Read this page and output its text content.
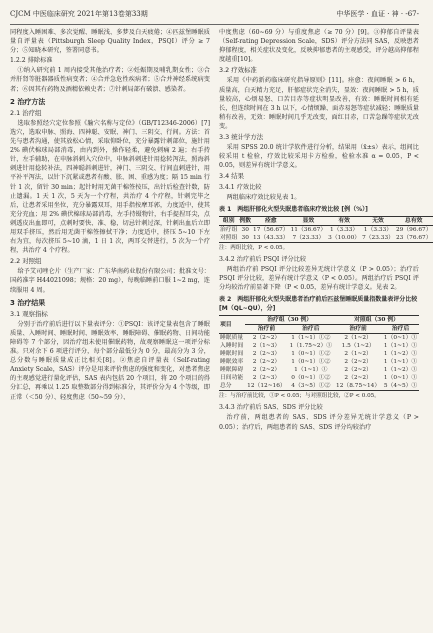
CJCM 中医临床研究 2021年第13卷第33期	中华医学 · 血证 · 神 · -67-

同程度入睡困难、多次觉醒、睡眠浅、多梦及白天疲倦；④匹兹堡睡眠质量自评量表（Pittsburgh Sleep Quality Index，PSQI）评分 ≥ 7 分；⑤知晓本研究，签署同意书。

1.2.2 排除标准

①纳入研究前 1 周内接受其他治疗者；②妊娠期及哺乳期女性；③合并肝肾等脏器器质性病变者；④合并急危性疾病者；⑤合并神经系统病变者；⑥因其有药物及酒精依赖史者；⑦针刺局部有破溃、感染者。

2 治疗方法
2.1 治疗组

选取参照经穴定位参照《腧穴名称与定位》（GB/T12346-2006）[7]选穴，选取申脉、照海、四神聪、安眠、神门、三阴交、行间。方法：首先与患者沟通，使其放松心情，采取仰卧位，充分暴露针刺部位，施针用 2% 碘伏棉球局部消毒，由内到外，操作轻柔，避免刺痛 2 遍；右手持针，左手辅助，在申脉斜刺入穴位中，申脉斜刺进针用捻转泻法，照海斜刺进针用捻转补法，四神聪斜刺进针，神门、三阴交、行间直刺进针，用平补平泻法，以针下沉紧或患者有酸、胀、困、重感为度；隔 15 min 行针 1 次，留针 30 min；起针时用无菌干棉签按压，出针后检查针数，防止遗漏。1 天 1 次，5 天为一个疗程，共治疗 4 个疗程，针刺完毕之后，让患者采用坐位，充分暴露双耳，用手指按摩耳郭，力度适中，使其充分充血；用 2% 碘伏棉球局部消毒，左手持镊物针，右手提捏耳尖，点刺透皮出血即可，点刺时要快、准、稳，切忌针刺过深，针刺出血后立即用双手挤压，然后用无菌干棉签擦拭干净；力度适中，挤压 5~10 下左右为宜，每次挤压 5~10 滴，1 日 1 次，两耳交替进行，5 次为一个疗程，共治疗 4 个疗程。

2.2 对照组

给予艾司唑仑片（生产厂家：广东华南药业股份有限公司；批准文号：国药准字 H44021098；规格：20 mg），每晚临睡前口服 1~2 mg，连续服用 4 周。

3 治疗结果
3.1 观察指标

分别于治疗前后进行以下量表评分：①PSQI：该评定量表包含了睡眠质量、入睡时间、睡眠时间、睡眠效率、睡眠障碍、催眠药物、日间功能障碍等 7 个部分，因治疗组未使用催眠药物，故观察睡眠这一项评分标准。只对余下 6 项进行评分，每个部分最低分为 0 分，最高分为 3 分，总分数与睡眠质量成正比相关[8]。②焦虑自评量表（Self-rating Anxiety Scale，SAS）评分是用来评价焦虑的强度和变化，对患者焦虑的主观感觉进行量化评估，SAS 表内包括 20 个项目，将 20 个项目的得分汇总，再乘以 1.25 取整数部分得到标准分，其评价分为 4 个等级，即正常（＜50 分）、轻度焦虑（50~59 分）、

中度焦虑（60~69 分）与重度焦虑（≥ 70 分）[9]。③抑郁自评量表（Self-rating Depression Scale，SDS）评分方法同 SAS，反映患者抑郁程度，相关症状及变化，反映抑郁患者的主观感受，评分越高抑郁程度越重[10]。

3.2 疗效标准

采用《中药新药临床研究指导原则》[11]。痊愈：夜间睡眠 > 6 h，质量高，白天精力充足，肝郁症状完全消失，显效：夜间睡眠 > 5 h，质量较高，心烦易怒、口苦目赤等症状明显改善，有效：睡眠时间相有延长，但连续时间在 3 h 以下，心情烦躁、面赤易怒等症状减轻；睡眠质量稍有改善，无效：睡眠时间几乎无改变，面红目赤，口苦急躁等症状无改变。

3.3 统计学方法

采用 SPSS 20.0 统计学软件进行分析，结果用（x̄±s）表示，组间比较采用 t 检验，疗效比较采用卡方检验，检验水准 α = 0.05，P < 0.05，则差异有统计学意义。

3.4 结果
3.4.1 疗效比较

两组临床疗效比较见表 1。

表 1　两组肝郁化火型失眠患者临床疗效比较 [例（%）]
组别	例数	痊愈	显效	有效	无效	总有效
治疗组	30	17（56.67）	11（36.67）	1（3.33）	1（3.33）	29（96.67）
对照组	30	13（43.33）	7（23.33）	3（10.00）	7（23.33）	23（76.67）
注：两组比较，P < 0.05。
3.4.2 治疗前后 PSQI 评分比较

两组治疗前 PSQI 评分比较差异无统计学意义（P > 0.05）；治疗后 PSQI 评分比较，差异有统计学意义（P < 0.05）。两组治疗后 PSQI 评分均较治疗前显著下降（P < 0.05，差异有统计学意义。见表 2。

表 2　两组肝郁化火型失眠患者治疗前后匹兹堡睡眠质量指数量表评分比较 [M（QL~QU），分]
项目	治疗组（30 例）		对照组（30 例）	
	治疗前	治疗后	治疗前	治疗后
睡眠质量	2（2~2）	1（1~1）①②	2（1~2）	1（0~1）①
入睡时间	2（1~3）	1（1.75~2）①	1.5（1~2）	1（1~1）①
睡眠时间	2（2~3）	1（0~1）①②	2（1~2）	1（1~2）①
睡眠效率	2（2~2）	1（0~1）①②	2（2~2）	1（1~1）①
睡眠障碍	2（2~2）	1（1~1）①	2（2~2）	1（1~2）①
日间功能	2（2~3）	0（0~1）①②	2（2~2）	1（0~1）①
总分	12（12~16）	4（3~5）①②	12（8.75~14）	5（4~5）①
注：与治疗前比较，①P < 0.05；与对照组比较，②P < 0.05。
3.4.3 治疗前后 SAS、SDS 评分比较

治疗前，两组患者的 SAS、SDS 评分差异无统计学意义（P > 0.05）；治疗后，两组患者的 SAS、SDS 评分均较治疗
